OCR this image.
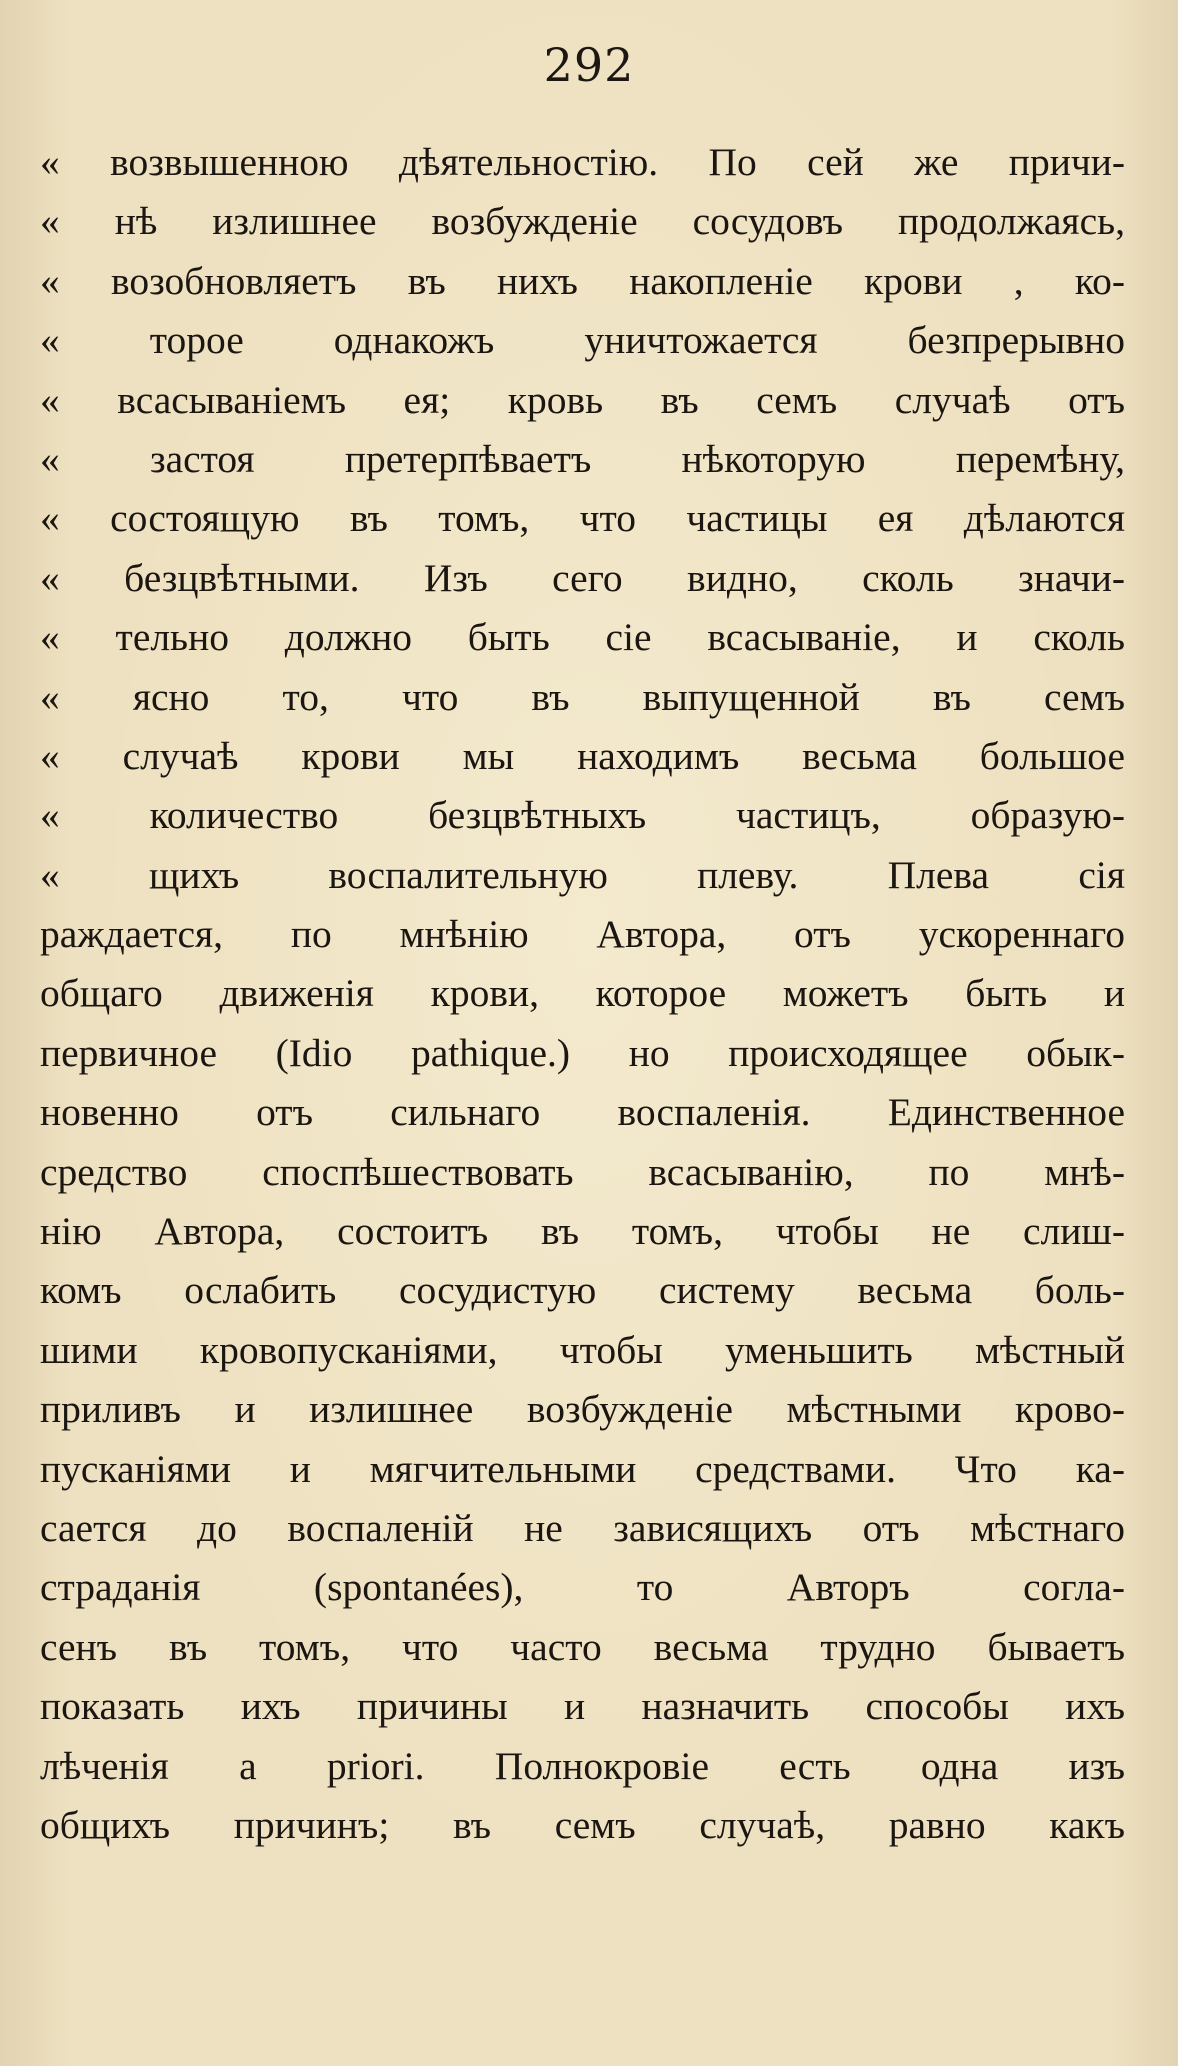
292
« возвышенною дѣятельностію. По сей же причи-
« нѣ излишнее возбужденіе сосудовъ продолжаясь,
« возобновляетъ въ нихъ накопленіе крови , ко-
« торое однакожъ уничтожается безпрерывно
« всасываніемъ ея; кровь въ семъ случаѣ отъ
« застоя претерпѣваетъ нѣкоторую перемѣну,
« состоящую въ томъ, что частицы ея дѣлаются
« безцвѣтными. Изъ сего видно, сколь значи-
« тельно должно быть сіе всасываніе, и сколь
« ясно то, что въ выпущенной въ семъ
« случаѣ крови мы находимъ весьма большое
« количество безцвѣтныхъ частицъ, образую-
« щихъ воспалительную плеву. Плева сія
раждается, по мнѣнію Автора, отъ ускореннаго
общаго движенія крови, которое можетъ быть и
первичное (Idio pathique.) но происходящее обык-
новенно отъ сильнаго воспаленія. Единственное
средство споспѣшествовать всасыванію, по мнѣ-
нію Автора, состоитъ въ томъ, чтобы не слиш-
комъ ослабить сосудистую систему весьма боль-
шими кровопусканіями, чтобы уменьшить мѣстный
приливъ и излишнее возбужденіе мѣстными крово-
пусканіями и мягчительными средствами. Что ка-
сается до воспаленій не зависящихъ отъ мѣстнаго
страданія (spontanées), то Авторъ согла-
сенъ въ томъ, что часто весьма трудно бываетъ
показать ихъ причины и назначить способы ихъ
лѣченія а priori. Полнокровіе есть одна изъ
общихъ причинъ; въ семъ случаѣ, равно какъ
